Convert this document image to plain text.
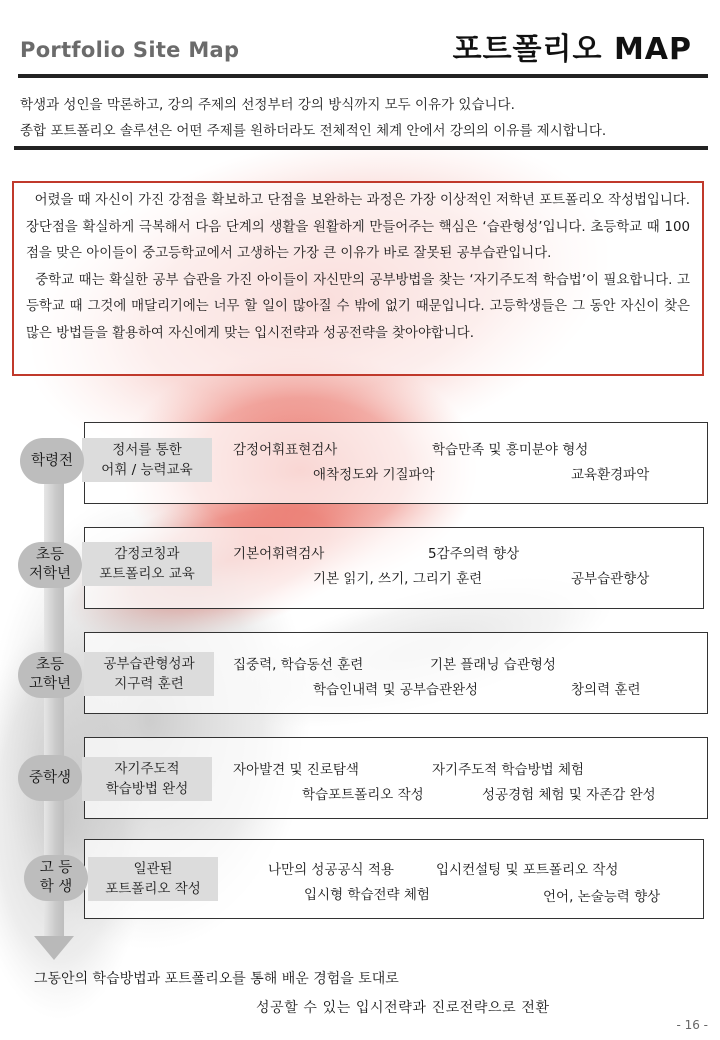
Portfolio Site Map	포트폴리오 MAP
학생과 성인을 막론하고, 강의 주제의 선정부터 강의 방식까지 모두 이유가 있습니다.
종합 포트폴리오 솔루션은 어떤 주제를 원하더라도 전체적인 체계 안에서 강의의 이유를 제시합니다.

어렸을 때 자신이 가진 강점을 확보하고 단점을 보완하는 과정은 가장 이상적인 저학년 포트폴리오 작성법입니다. 장단점을 확실하게 극복해서 다음 단계의 생활을 원활하게 만들어주는 핵심은 ‘습관형성’입니다. 초등학교 때 100점을 맞은 아이들이 중고등학교에서 고생하는 가장 큰 이유가 바로 잘못된 공부습관입니다.

중학교 때는 확실한 공부 습관을 가진 아이들이 자신만의 공부방법을 찾는 ‘자기주도적 학습법’이 필요합니다. 고등학교 때 그것에 매달리기에는 너무 할 일이 많아질 수 밖에 없기 때문입니다. 고등학생들은 그 동안 자신이 찾은 많은 방법들을 활용하여 자신에게 맞는 입시전략과 성공전략을 찾아야합니다.

학령전
정서를 통한
어휘 / 능력교육
감정어휘표현검사	학습만족 및 흥미분야 형성
애착정도와 기질파악	교육환경파악
초등
저학년
감정코칭과
포트폴리오 교육
기본어휘력검사	5감주의력 향상
기본 읽기, 쓰기, 그리기 훈련	공부습관향상
초등
고학년
공부습관형성과
지구력 훈련
집중력, 학습동선 훈련	기본 플래닝 습관형성
학습인내력 및 공부습관완성	창의력 훈련
중학생
자기주도적
학습방법 완성
자아발견 및 진로탐색	자기주도적 학습방법 체험
학습포트폴리오 작성	성공경험 체험 및 자존감 완성
고 등
학 생
일관된
포트폴리오 작성
나만의 성공공식 적용	입시컨설팅 및 포트폴리오 작성
입시형 학습전략 체험	언어, 논술능력 향상
그동안의 학습방법과 포트폴리오를 통해 배운 경험을 토대로
성공할 수 있는 입시전략과 진로전략으로 전환
- 16 -
